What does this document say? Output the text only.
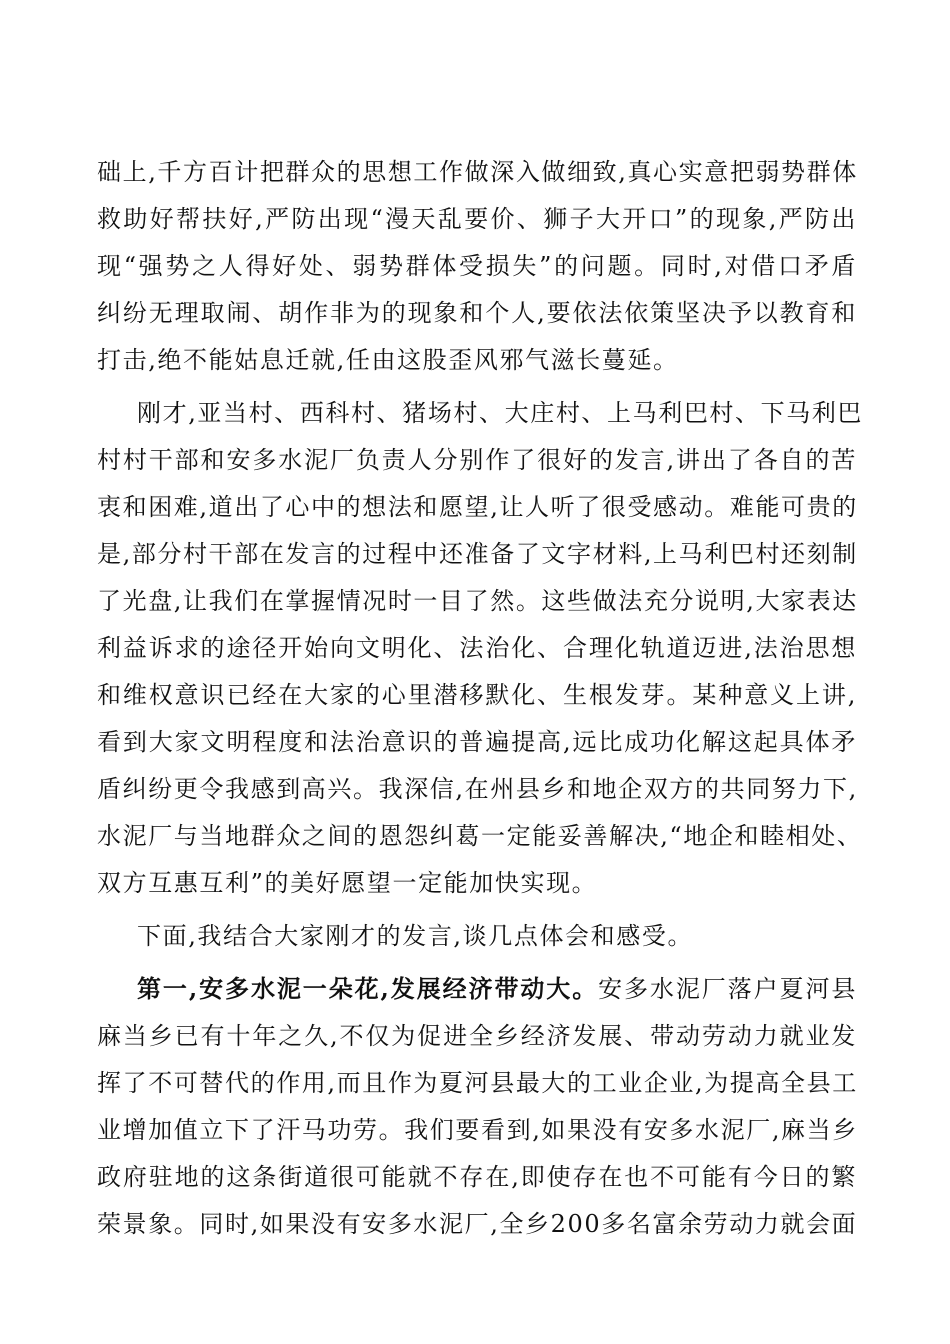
础上,千方百计把群众的思想工作做深入做细致,真心实意把弱势群体
救助好帮扶好,严防出现“漫天乱要价、狮子大开口”的现象,严防出
现“强势之人得好处、弱势群体受损失”的问题。同时,对借口矛盾
纠纷无理取闹、胡作非为的现象和个人,要依法依策坚决予以教育和
打击,绝不能姑息迁就,任由这股歪风邪气滋长蔓延。
刚才,亚当村、西科村、猪场村、大庄村、上马利巴村、下马利巴
村村干部和安多水泥厂负责人分别作了很好的发言,讲出了各自的苦
衷和困难,道出了心中的想法和愿望,让人听了很受感动。难能可贵的
是,部分村干部在发言的过程中还准备了文字材料,上马利巴村还刻制
了光盘,让我们在掌握情况时一目了然。这些做法充分说明,大家表达
利益诉求的途径开始向文明化、法治化、合理化轨道迈进,法治思想
和维权意识已经在大家的心里潜移默化、生根发芽。某种意义上讲,
看到大家文明程度和法治意识的普遍提高,远比成功化解这起具体矛
盾纠纷更令我感到高兴。我深信,在州县乡和地企双方的共同努力下,
水泥厂与当地群众之间的恩怨纠葛一定能妥善解决,“地企和睦相处、
双方互惠互利”的美好愿望一定能加快实现。
下面,我结合大家刚才的发言,谈几点体会和感受。
第一,安多水泥一朵花,发展经济带动大。安多水泥厂落户夏河县
麻当乡已有十年之久,不仅为促进全乡经济发展、带动劳动力就业发
挥了不可替代的作用,而且作为夏河县最大的工业企业,为提高全县工
业增加值立下了汗马功劳。我们要看到,如果没有安多水泥厂,麻当乡
政府驻地的这条街道很可能就不存在,即使存在也不可能有今日的繁
荣景象。同时,如果没有安多水泥厂,全乡200多名富余劳动力就会面
